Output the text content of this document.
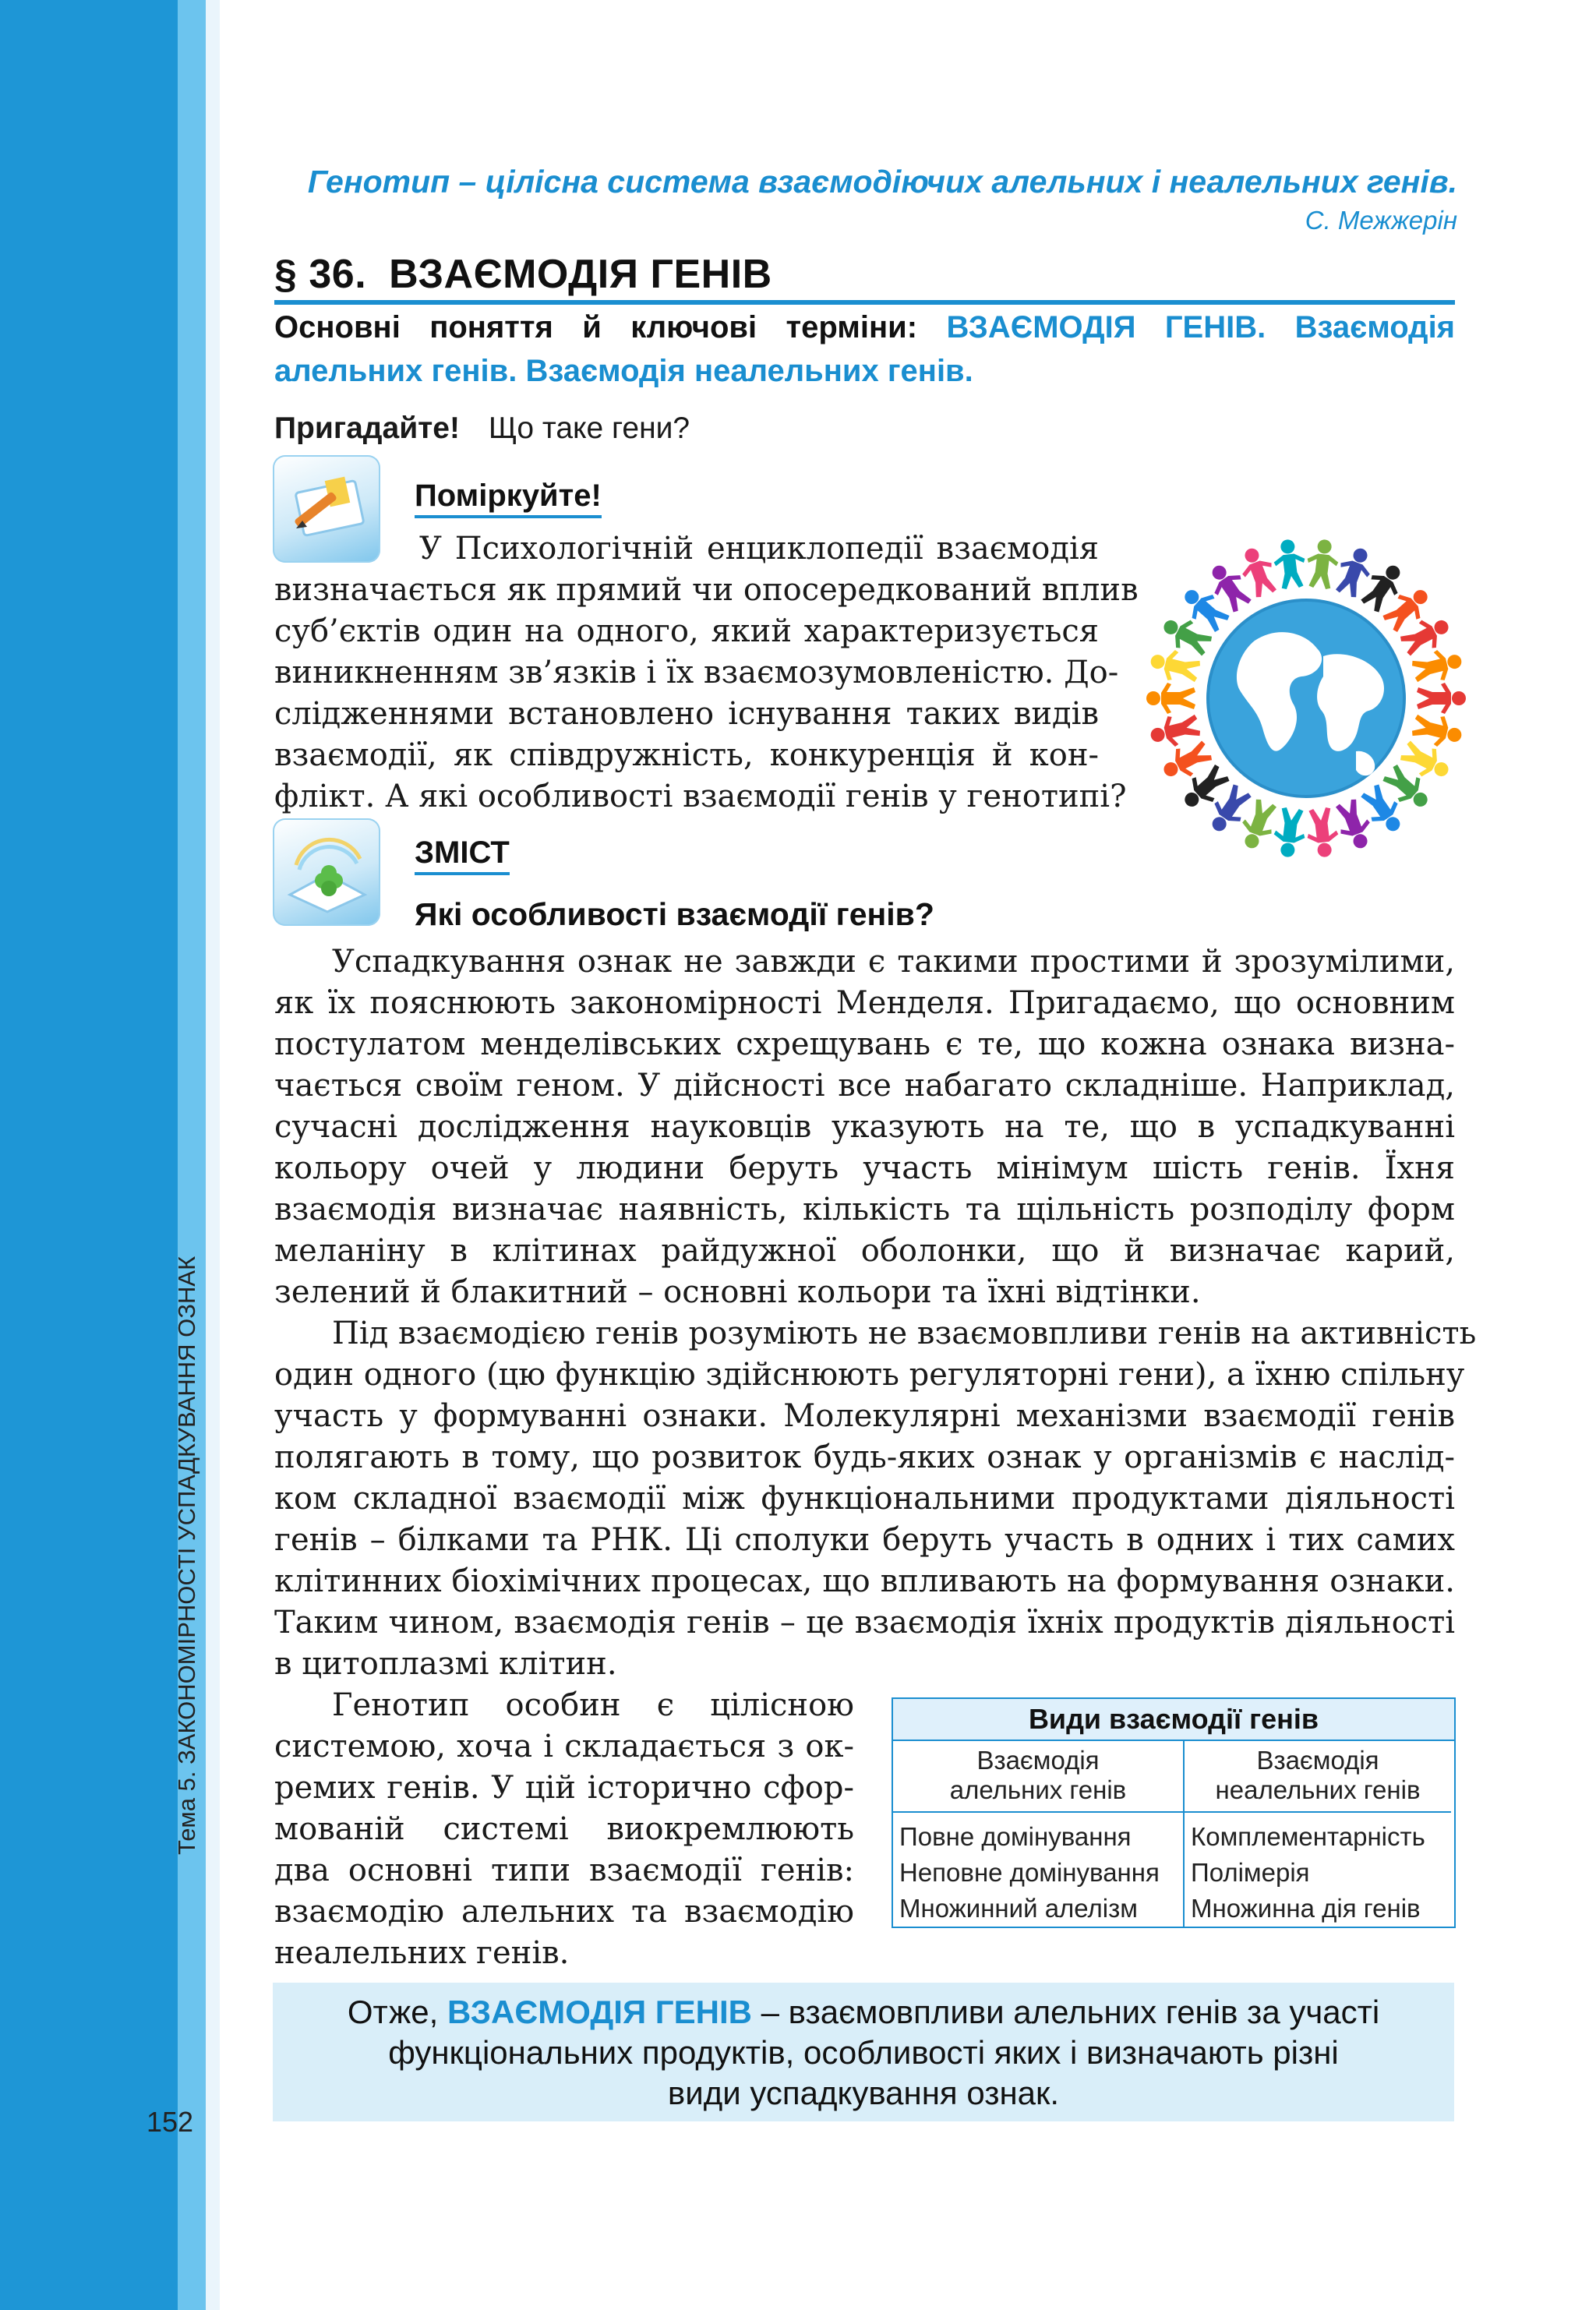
Тема 5. ЗАКОНОМІРНОСТІ УСПАДКУВАННЯ ОЗНАК
152
Генотип – цілісна система взаємодіючих алельних і неалельних генів.
С. Межжерін
§ 36. ВЗАЄМОДІЯ ГЕНІВ
Основні поняття й ключові терміни: ВЗАЄМОДІЯ ГЕНІВ. Взаємодія
алельних генів. Взаємодія неалельних генів.
Пригадайте! Що таке гени?
Поміркуйте!
У Психологічній енциклопедії взаємодія
визначається як прямий чи опосередкований вплив
суб’єктів один на одного, який характеризується
виникненням зв’язків і їх взаємозумовленістю. До-
слідженнями встановлено існування таких видів
взаємодії, як співдружність, конкуренція й кон-
флікт. А які особливості взаємодії генів у генотипі?
ЗМІСТ
Які особливості взаємодії генів?
Успадкування ознак не завжди є такими простими й зрозумілими,
як їх пояснюють закономірності Менделя. Пригадаємо, що основним
постулатом менделівських схрещувань є те, що кожна ознака визна-
чається своїм геном. У дійсності все набагато складніше. Наприклад,
сучасні дослідження науковців указують на те, що в успадкуванні
кольору очей у людини беруть участь мінімум шість генів. Їхня
взаємодія визначає наявність, кількість та щільність розподілу форм
меланіну в клітинах райдужної оболонки, що й визначає карий,
зелений й блакитний – основні кольори та їхні відтінки.
Під взаємодією генів розуміють не взаємовпливи генів на активність
один одного (цю функцію здійснюють регуляторні гени), а їхню спільну
участь у формуванні ознаки. Молекулярні механізми взаємодії генів
полягають в тому, що розвиток будь-яких ознак у організмів є наслід-
ком складної взаємодії між функціональними продуктами діяльності
генів – білками та РНК. Ці сполуки беруть участь в одних і тих самих
клітинних біохімічних процесах, що впливають на формування ознаки.
Таким чином, взаємодія генів – це взаємодія їхніх продуктів діяльності
в цитоплазмі клітин.
Генотип особин є цілісною
системою, хоча і складається з ок-
ремих генів. У цій історично сфор-
мованій системі виокремлюють
два основні типи взаємодії генів:
взаємодію алельних та взаємодію
неалельних генів.
Види взаємодії генів
Взаємодія
алельних генів
Взаємодія
неалельних генів
Повне домінування
Неповне домінування
Множинний алелізм
Комплементарність
Полімерія
Множинна дія генів
Отже, ВЗАЄМОДІЯ ГЕНІВ – взаємовпливи алельних генів за участі
функціональних продуктів, особливості яких і визначають різні
види успадкування ознак.
